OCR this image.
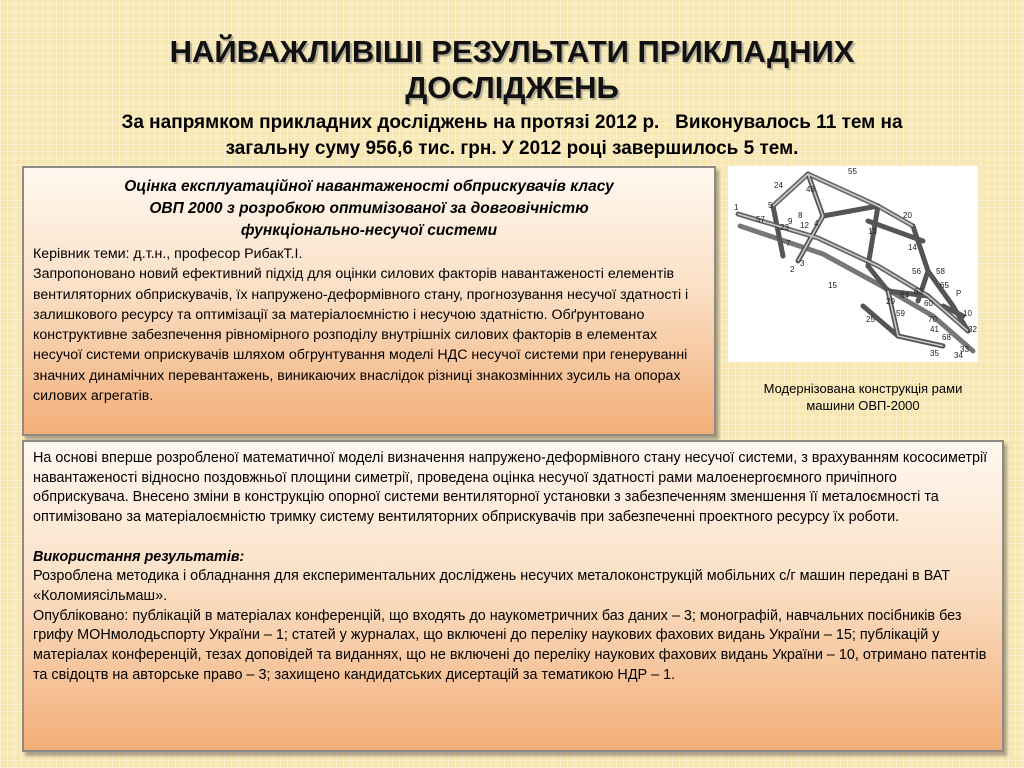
НАЙВАЖЛИВІШІ РЕЗУЛЬТАТИ ПРИКЛАДНИХ
ДОСЛІДЖЕНЬ
За напрямком прикладних досліджень на протязі 2012 р.   Виконувалось 11 тем на
загальну суму 956,6 тис. грн. У 2012 році завершилось 5 тем.
Оцінка експлуатаційної навантаженості обприскувачів класу
ОВП 2000 з розробкою оптимізованої за довговічністю
функціонально-несучої системи
Керівник теми: д.т.н., професор РибакТ.І.
Запропоновано новий ефективний підхід для оцінки силових факторів навантаженості елементів вентиляторних обприскувачів, їх напружено-деформівного стану, прогнозування несучої здатності і залишкового ресурсу та оптимізації за матеріалоємністю і несучою здатністю. Обґрунтовано конструктивне забезпечення рівномірного розподілу внутрішніх силових факторів в елементах несучої системи оприскувачів шляхом обгрунтування моделі НДС несучої системи при генеруванні значних динамічних перевантажень, виникаючих внаслідок різниці знакозмінних зусиль на опорах силових агрегатів.
1
2
3
4
5
7
8
9
10
12
13
14
15
20
23
24
25
29
32
33
34
35
41
48
55
56
57
58
59
60
63
64
65
68
70
P
Модернізована конструкція рами
машини ОВП-2000
На основі вперше розробленої математичної моделі визначення напружено-деформівного стану несучої системи, з врахуванням кососиметрії навантаженості відносно поздовжньої площини симетрії, проведена оцінка несучої здатності рами малоенергоємного причіпного обприскувача. Внесено зміни в конструкцію опорної системи вентиляторної установки з забезпеченням зменшення її металоємності та оптимізовано за матеріалоємністю тримку систему вентиляторних обприскувачів при забезпеченні проектного ресурсу їх роботи.
Використання результатів:
Розроблена методика і обладнання для експериментальних досліджень несучих металоконструкцій мобільних с/г машин передані в ВАТ «Коломиясільмаш».
Опубліковано: публікацій в матеріалах конференцій, що входять до наукометричних баз даних – 3; монографій, навчальних посібників без грифу МОНмолодьспорту України – 1; статей у журналах, що включені до переліку наукових фахових видань України – 15; публікацій у матеріалах конференцій, тезах доповідей та виданнях, що не включені до переліку наукових фахових видань України – 10, отримано патентів та свідоцтв на авторське право – 3; захищено кандидатських дисертацій за тематикою НДР – 1.
